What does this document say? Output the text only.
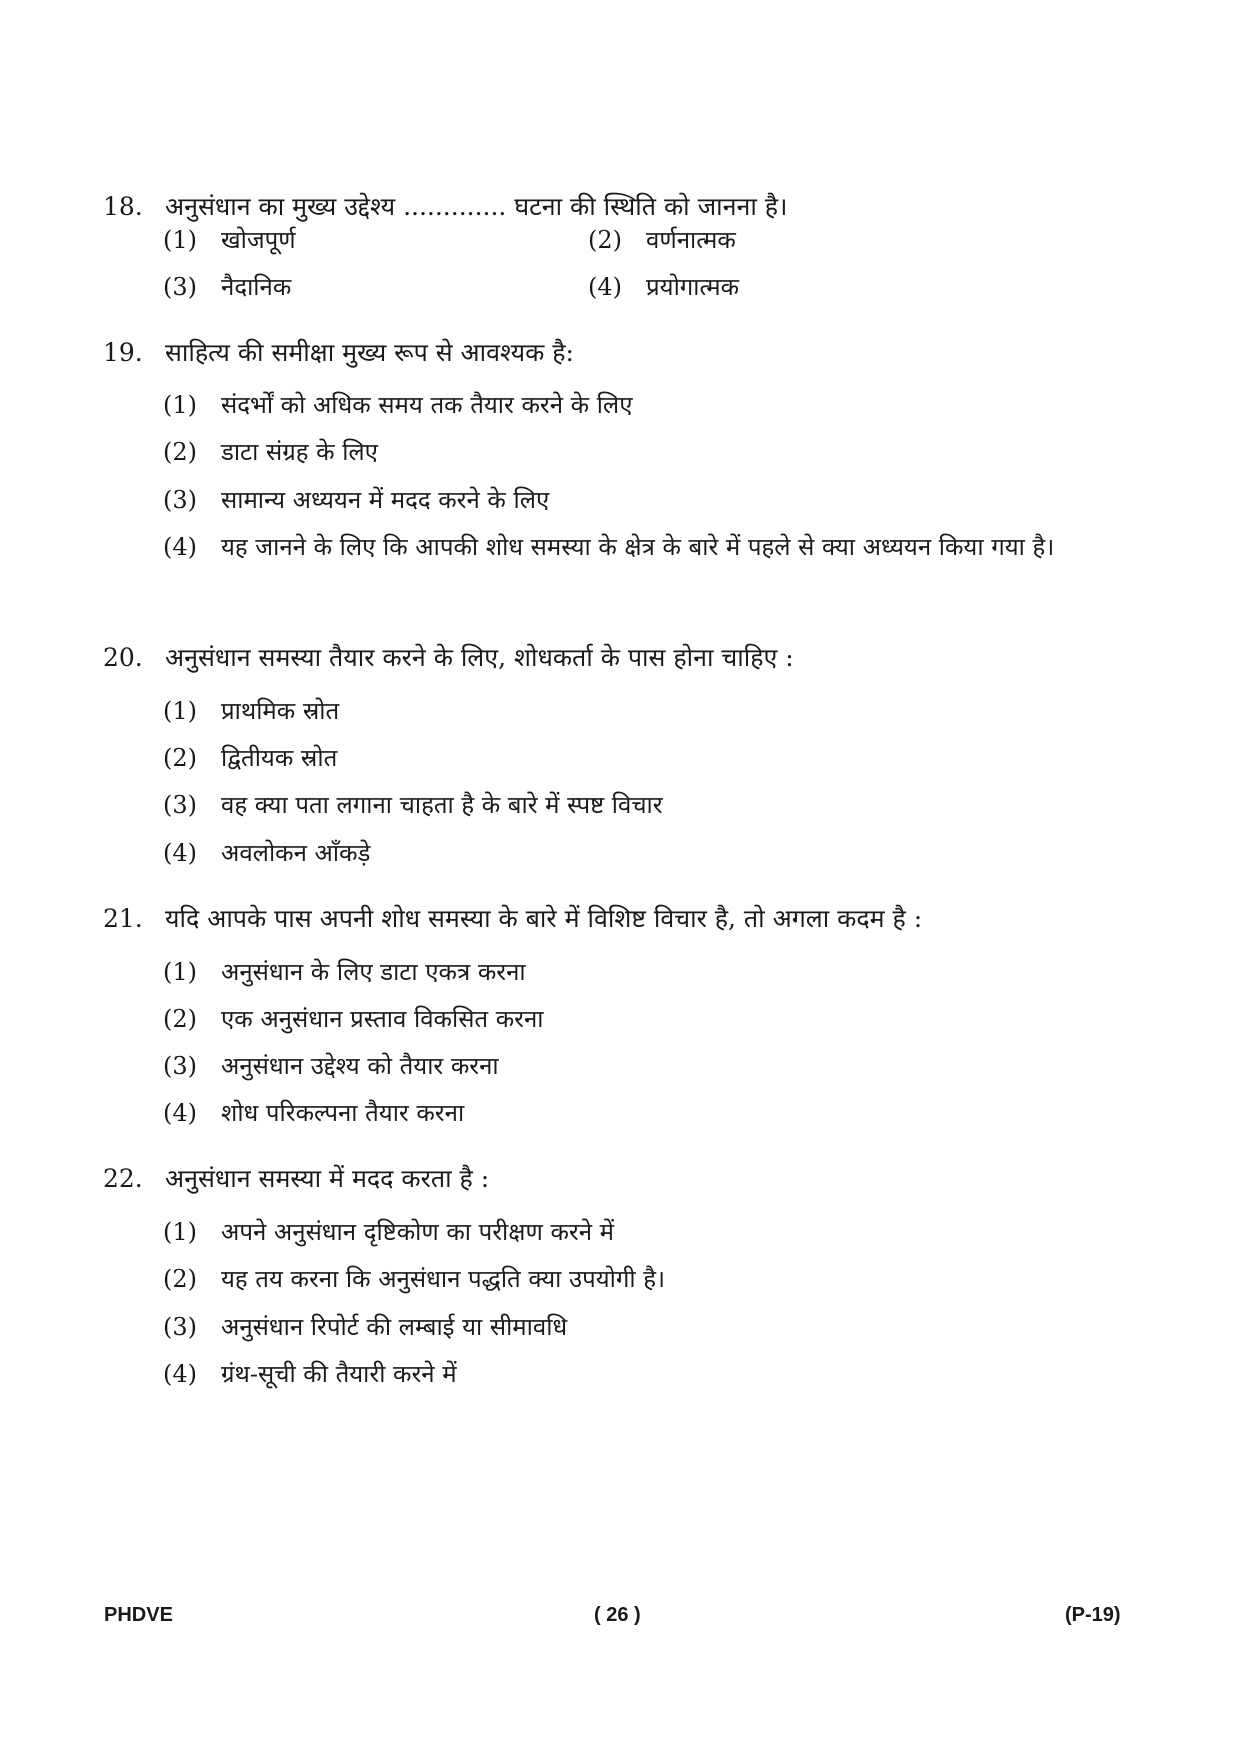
18. अनुसंधान का मुख्य उद्देश्य ............. घटना की स्थिति को जानना है।
(1) खोजपूर्ण	(2) वर्णनात्मक
(3) नैदानिक	(4) प्रयोगात्मक
19. साहित्य की समीक्षा मुख्य रूप से आवश्यक है:
(1) संदर्भों को अधिक समय तक तैयार करने के लिए
(2) डाटा संग्रह के लिए
(3) सामान्य अध्ययन में मदद करने के लिए
(4) यह जानने के लिए कि आपकी शोध समस्या के क्षेत्र के बारे में पहले से क्या अध्ययन किया गया है।
20. अनुसंधान समस्या तैयार करने के लिए, शोधकर्ता के पास होना चाहिए :
(1) प्राथमिक स्रोत
(2) द्वितीयक स्रोत
(3) वह क्या पता लगाना चाहता है के बारे में स्पष्ट विचार
(4) अवलोकन आँकड़े
21. यदि आपके पास अपनी शोध समस्या के बारे में विशिष्ट विचार है, तो अगला कदम है :
(1) अनुसंधान के लिए डाटा एकत्र करना
(2) एक अनुसंधान प्रस्ताव विकसित करना
(3) अनुसंधान उद्देश्य को तैयार करना
(4) शोध परिकल्पना तैयार करना
22. अनुसंधान समस्या में मदद करता है :
(1) अपने अनुसंधान दृष्टिकोण का परीक्षण करने में
(2) यह तय करना कि अनुसंधान पद्धति क्या उपयोगी है।
(3) अनुसंधान रिपोर्ट की लम्बाई या सीमावधि
(4) ग्रंथ-सूची की तैयारी करने में
PHDVE	( 26 )	(P-19)
